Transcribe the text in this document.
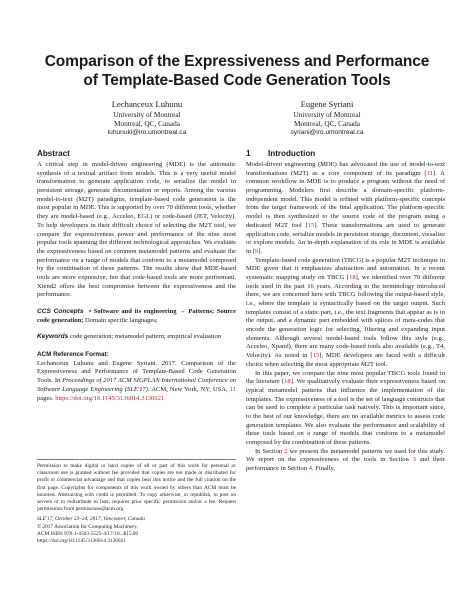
Comparison of the Expressiveness and Performance
of Template-Based Code Generation Tools
Lechanceux Luhunu
University of Montreal
Montreal, QC, Canada
luhunukl@iro.umontreal.ca
Eugene Syriani
University of Montreal
Montreal, QC, Canada
syriani@iro.umontreal.ca
Abstract
A critical step in model-driven engineering (MDE) is the automatic synthesis of a textual artifact from models. This is a very useful model transformation to generate application code, to serialize the model in persistent storage, generate documentation or reports. Among the various model-to-text (M2T) paradigms, template-based code generation is the most popular in MDE. This is supported by over 70 different tools, whether they are model-based (e.g., Acceleo, EGL) or code-based (JET, Velocity). To help developers in their difficult choice of selecting the M2T tool, we compare the expressiveness power and performance of the nine most popular tools spanning the different technological approaches. We evaluate the expressiveness based on common metamodel patterns and evaluate the performance on a range of models that conform to a metamodel composed by the combination of these patterns. The results show that MDE-based tools are more expressive, but that code-based tools are more performant. Xtend2 offers the best compromise between the expressiveness and the performance.
CCS Concepts • Software and its engineering → Patterns; Source code generation; Domain specific languages;
Keywords code generation; metamodel pattern; empirical evaluation
ACM Reference Format:
Lechanceux Luhunu and Eugene Syriani. 2017. Comparison of the Expressiveness and Performance of Template-Based Code Generation Tools. In Proceedings of 2017 ACM SIGPLAN International Conference on Software Language Engineering (SLE'17). ACM, New York, NY, USA, 11 pages. https://doi.org/10.1145/3136014.3136021

Permission to make digital or hard copies of all or part of this work for personal or classroom use is granted without fee provided that copies are not made or distributed for profit or commercial advantage and that copies bear this notice and the full citation on the first page. Copyrights for components of this work owned by others than ACM must be honored. Abstracting with credit is permitted. To copy otherwise, or republish, to post on servers or to redistribute to lists, requires prior specific permission and/or a fee. Request permissions from permissions@acm.org.

SLE'17, October 23–24, 2017, Vancouver, Canada
© 2017 Association for Computing Machinery.
ACM ISBN 978-1-4503-5525-4/17/10...$15.00
https://doi.org/10.1145/3136014.3136021
1 Introduction
Model-driven engineering (MDE) has advocated the use of model-to-text transformations (M2T) as a core component of its paradigm [11]. A common workflow in MDE is to produce a program without the need of programming. Modelers first describe a domain-specific platform-independent model. This model is refined with platform-specific concepts from the target framework of the final application. The platform-specific model is then synthesized to the source code of the program using a dedicated M2T tool [15]. These transformations are used to generate application code, serialize models in persistent storage, document, visualize or explore models. An in-depth explanation of its role in MDE is available in [9].
Template-based code generation (TBCG) is a popular M2T technique in MDE given that it emphasizes abstraction and automation. In a recent systematic mapping study on TBCG [18], we identified over 70 different tools used in the past 16 years. According to the terminology introduced there, we are concerned here with TBCG following the output-based style, i.e., where the template is syntactically based on the target output. Such templates consist of a static part, i.e., the text fragments that appear as is in the output, and a dynamic part embedded with splices of meta-codes that encode the generation logic for selecting, filtering and expanding input elements. Although several model-based tools follow this style (e.g., Acceleo, Xpand), there are many code-based tools also available (e.g., T4, Velocity). As noted in [15], MDE developers are faced with a difficult choice when selecting the most appropriate M2T tool.
In this paper, we compare the nine most popular TBCG tools found in the literature [18]. We qualitatively evaluate their expressiveness based on typical metamodel patterns that influence the implementation of the templates. The expressiveness of a tool is the set of language constructs that can be used to complete a particular task natively. This is important since, to the best of our knowledge, there are no available metrics to assess code generation templates. We also evaluate the performance and scalability of these tools based on a range of models that conform to a metamodel composed by the combination of these patterns.
In Section 2 we present the metamodel patterns we used for this study. We report on the expressiveness of the tools in Section 3 and their performance in Section 4. Finally,
